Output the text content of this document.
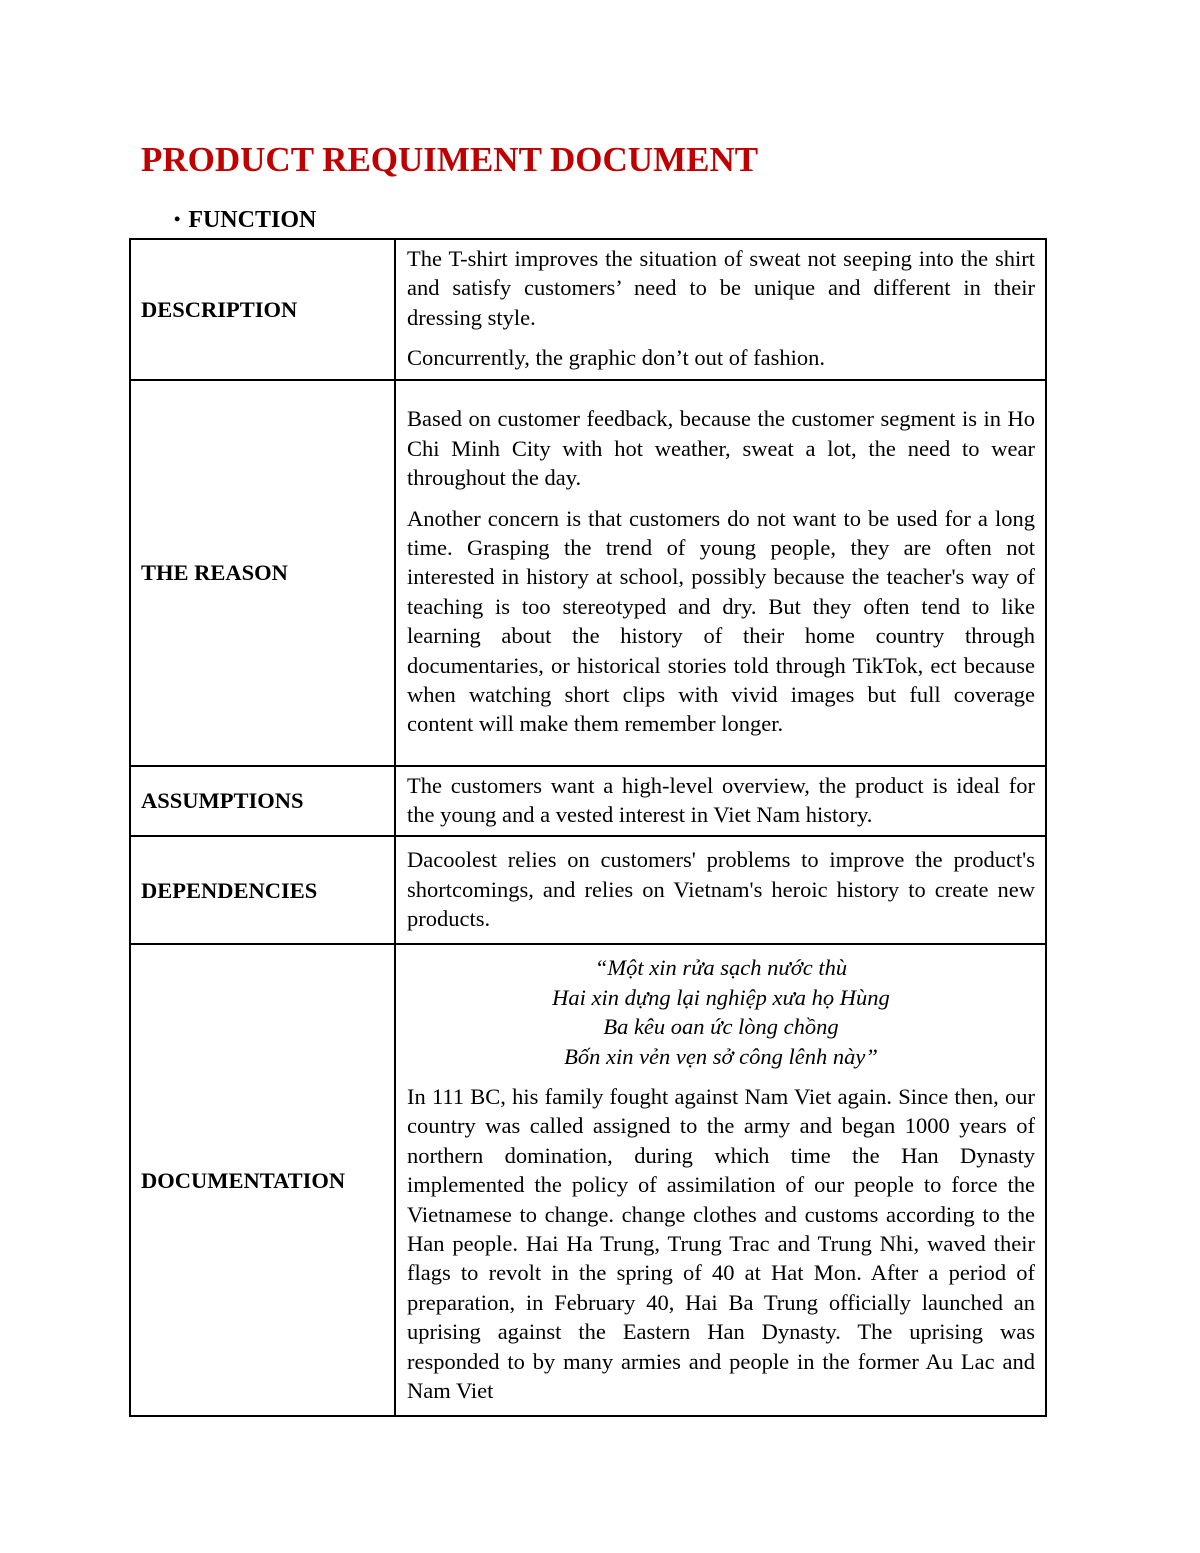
PRODUCT REQUIMENT DOCUMENT
• FUNCTION
DESCRIPTION	The T-shirt improves the situation of sweat not seeping into the shirt and satisfy customers’ need to be unique and different in their dressing style.

Concurrently, the graphic don’t out of fashion.

THE REASON	Based on customer feedback, because the customer segment is in Ho Chi Minh City with hot weather, sweat a lot, the need to wear throughout the day.

Another concern is that customers do not want to be used for a long time. Grasping the trend of young people, they are often not interested in history at school, possibly because the teacher's way of teaching is too stereotyped and dry. But they often tend to like learning about the history of their home country through documentaries, or historical stories told through TikTok, ect because when watching short clips with vivid images but full coverage content will make them remember longer.

ASSUMPTIONS	The customers want a high-level overview, the product is ideal for the young and a vested interest in Viet Nam history.

DEPENDENCIES	Dacoolest relies on customers' problems to improve the product's shortcomings, and relies on Vietnam's heroic history to create new products.

DOCUMENTATION	“Một xin rửa sạch nước thù
Hai xin dựng lại nghiệp xưa họ Hùng
Ba kêu oan ức lòng chồng
Bốn xin vẻn vẹn sở công lênh này”

In 111 BC, his family fought against Nam Viet again. Since then, our country was called assigned to the army and began 1000 years of northern domination, during which time the Han Dynasty implemented the policy of assimilation of our people to force the Vietnamese to change. change clothes and customs according to the Han people. Hai Ha Trung, Trung Trac and Trung Nhi, waved their flags to revolt in the spring of 40 at Hat Mon. After a period of preparation, in February 40, Hai Ba Trung officially launched an uprising against the Eastern Han Dynasty. The uprising was responded to by many armies and people in the former Au Lac and Nam Viet
